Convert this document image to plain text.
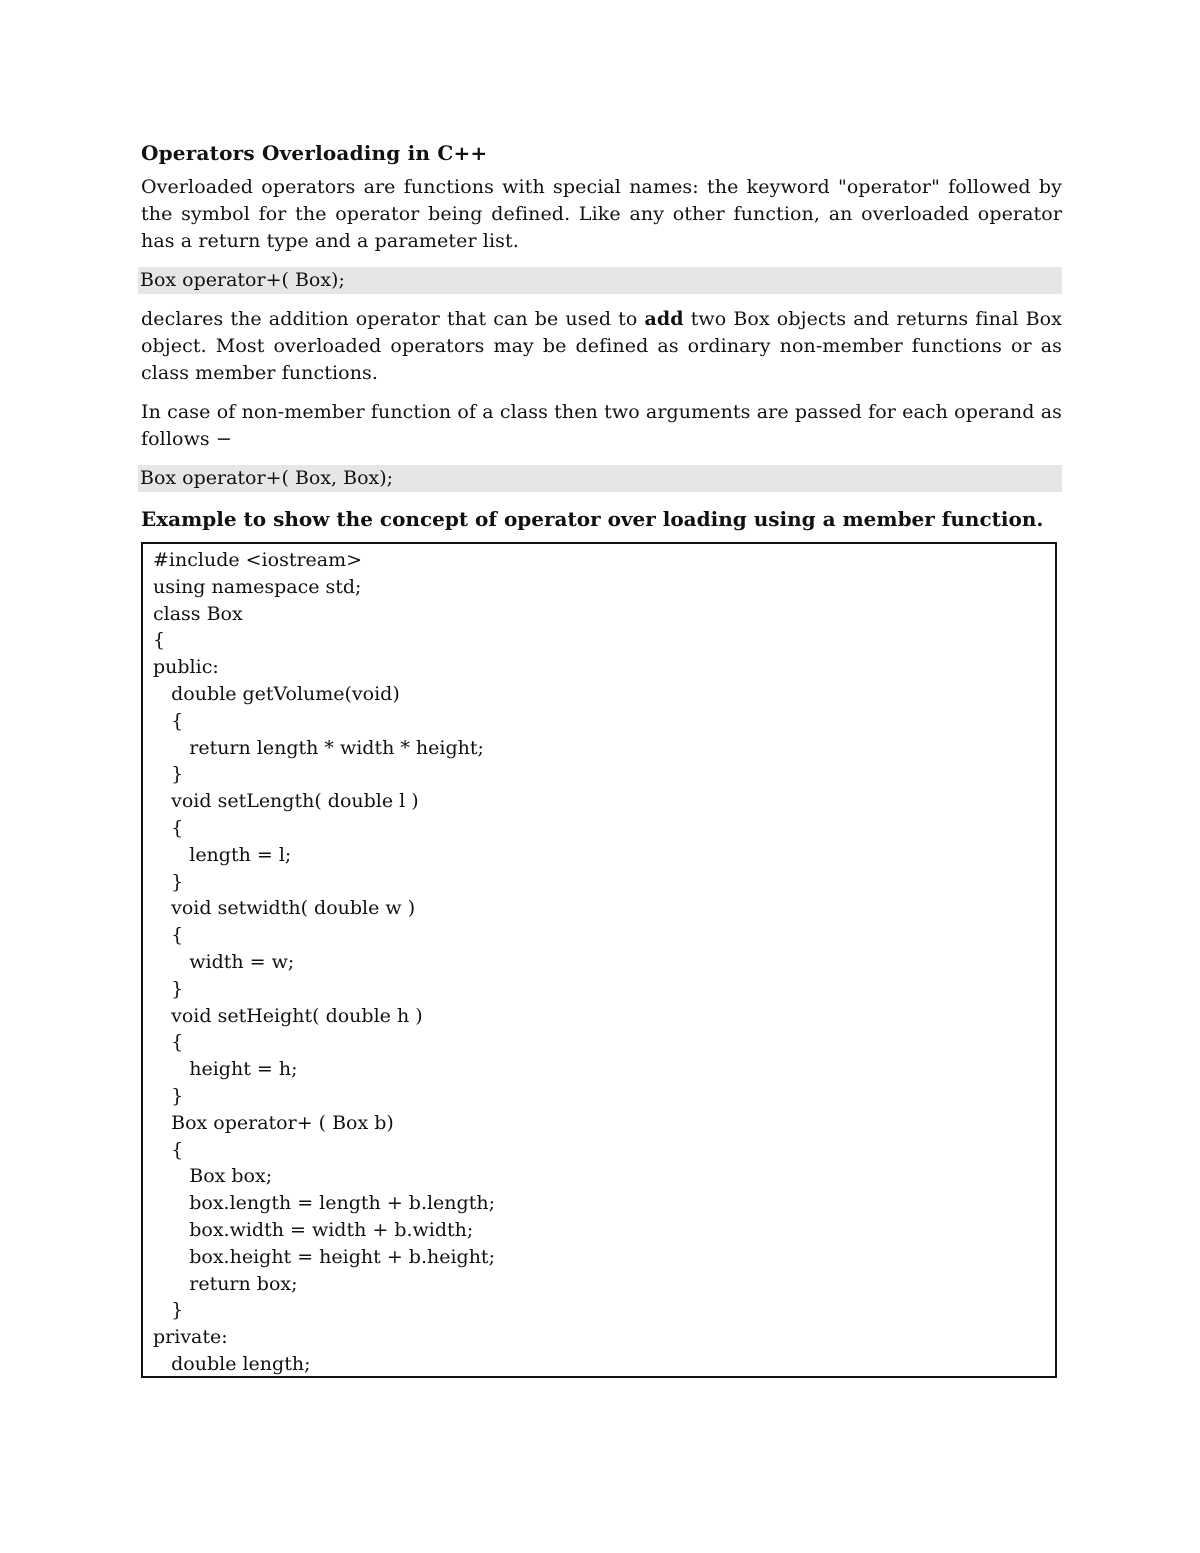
Operators Overloading in C++
Overloaded operators are functions with special names: the keyword "operator" followed by the symbol for the operator being defined. Like any other function, an overloaded operator has a return type and a parameter list.
Box operator+( Box);
declares the addition operator that can be used to add two Box objects and returns final Box object. Most overloaded operators may be defined as ordinary non-member functions or as class member functions.
In case of non-member function of a class then two arguments are passed for each operand as follows −
Box operator+( Box, Box);
Example to show the concept of operator over loading using a member function.
#include <iostream>
using namespace std;
class Box
{
public:
double getVolume(void)
{
return length * width * height;
}
void setLength( double l )
{
length = l;
}
void setwidth( double w )
{
width = w;
}
void setHeight( double h )
{
height = h;
}
Box operator+ ( Box b)
{
Box box;
box.length = length + b.length;
box.width = width + b.width;
box.height = height + b.height;
return box;
}
private:
double length;
